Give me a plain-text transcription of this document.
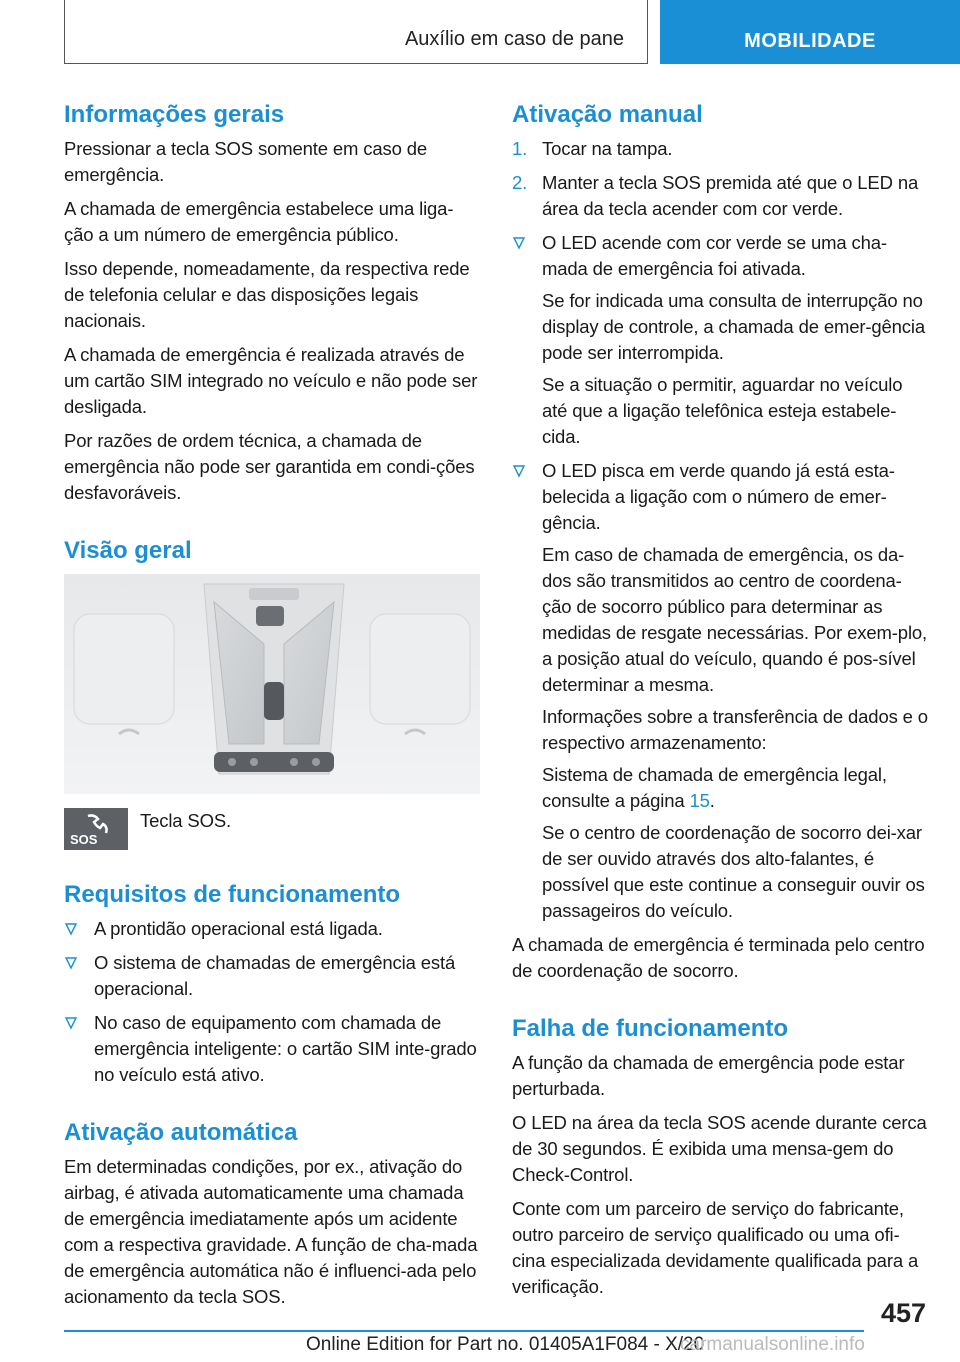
Auxílio em caso de pane	MOBILIDADE
Informações gerais

Pressionar a tecla SOS somente em caso de emergência.

A chamada de emergência estabelece uma liga-ção a um número de emergência público.

Isso depende, nomeadamente, da respectiva rede de telefonia celular e das disposições legais nacionais.

A chamada de emergência é realizada através de um cartão SIM integrado no veículo e não pode ser desligada.

Por razões de ordem técnica, a chamada de emergência não pode ser garantida em condi-ções desfavoráveis.

Visão geral
SOS

Tecla SOS.

Requisitos de funcionamento
A prontidão operacional está ligada.
O sistema de chamadas de emergência está operacional.
No caso de equipamento com chamada de emergência inteligente: o cartão SIM inte-grado no veículo está ativo.
Ativação automática

Em determinadas condições, por ex., ativação do airbag, é ativada automaticamente uma chamada de emergência imediatamente após um acidente com a respectiva gravidade. A função de cha-mada de emergência automática não é influenci-ada pelo acionamento da tecla SOS.

Ativação manual
1. Tocar na tampa.
2. Manter a tecla SOS premida até que o LED na área da tecla acender com cor verde.
O LED acende com cor verde se uma cha-mada de emergência foi ativada.

Se for indicada uma consulta de interrupção no display de controle, a chamada de emer-gência pode ser interrompida.

Se a situação o permitir, aguardar no veículo até que a ligação telefônica esteja estabele-cida.

O LED pisca em verde quando já está esta-belecida a ligação com o número de emer-gência.

Em caso de chamada de emergência, os da-dos são transmitidos ao centro de coordena-ção de socorro público para determinar as medidas de resgate necessárias. Por exem-plo, a posição atual do veículo, quando é pos-sível determinar a mesma.

Informações sobre a transferência de dados e o respectivo armazenamento:

Sistema de chamada de emergência legal, consulte a página 15.

Se o centro de coordenação de socorro dei-xar de ser ouvido através dos alto-falantes, é possível que este continue a conseguir ouvir os passageiros do veículo.

A chamada de emergência é terminada pelo centro de coordenação de socorro.

Falha de funcionamento

A função da chamada de emergência pode estar perturbada.

O LED na área da tecla SOS acende durante cerca de 30 segundos. É exibida uma mensa-gem do Check-Control.

Conte com um parceiro de serviço do fabricante, outro parceiro de serviço qualificado ou uma ofi-cina especializada devidamente qualificada para a verificação.

457
Online Edition for Part no. 01405A1F084 - X/20
carmanualsonline.info
